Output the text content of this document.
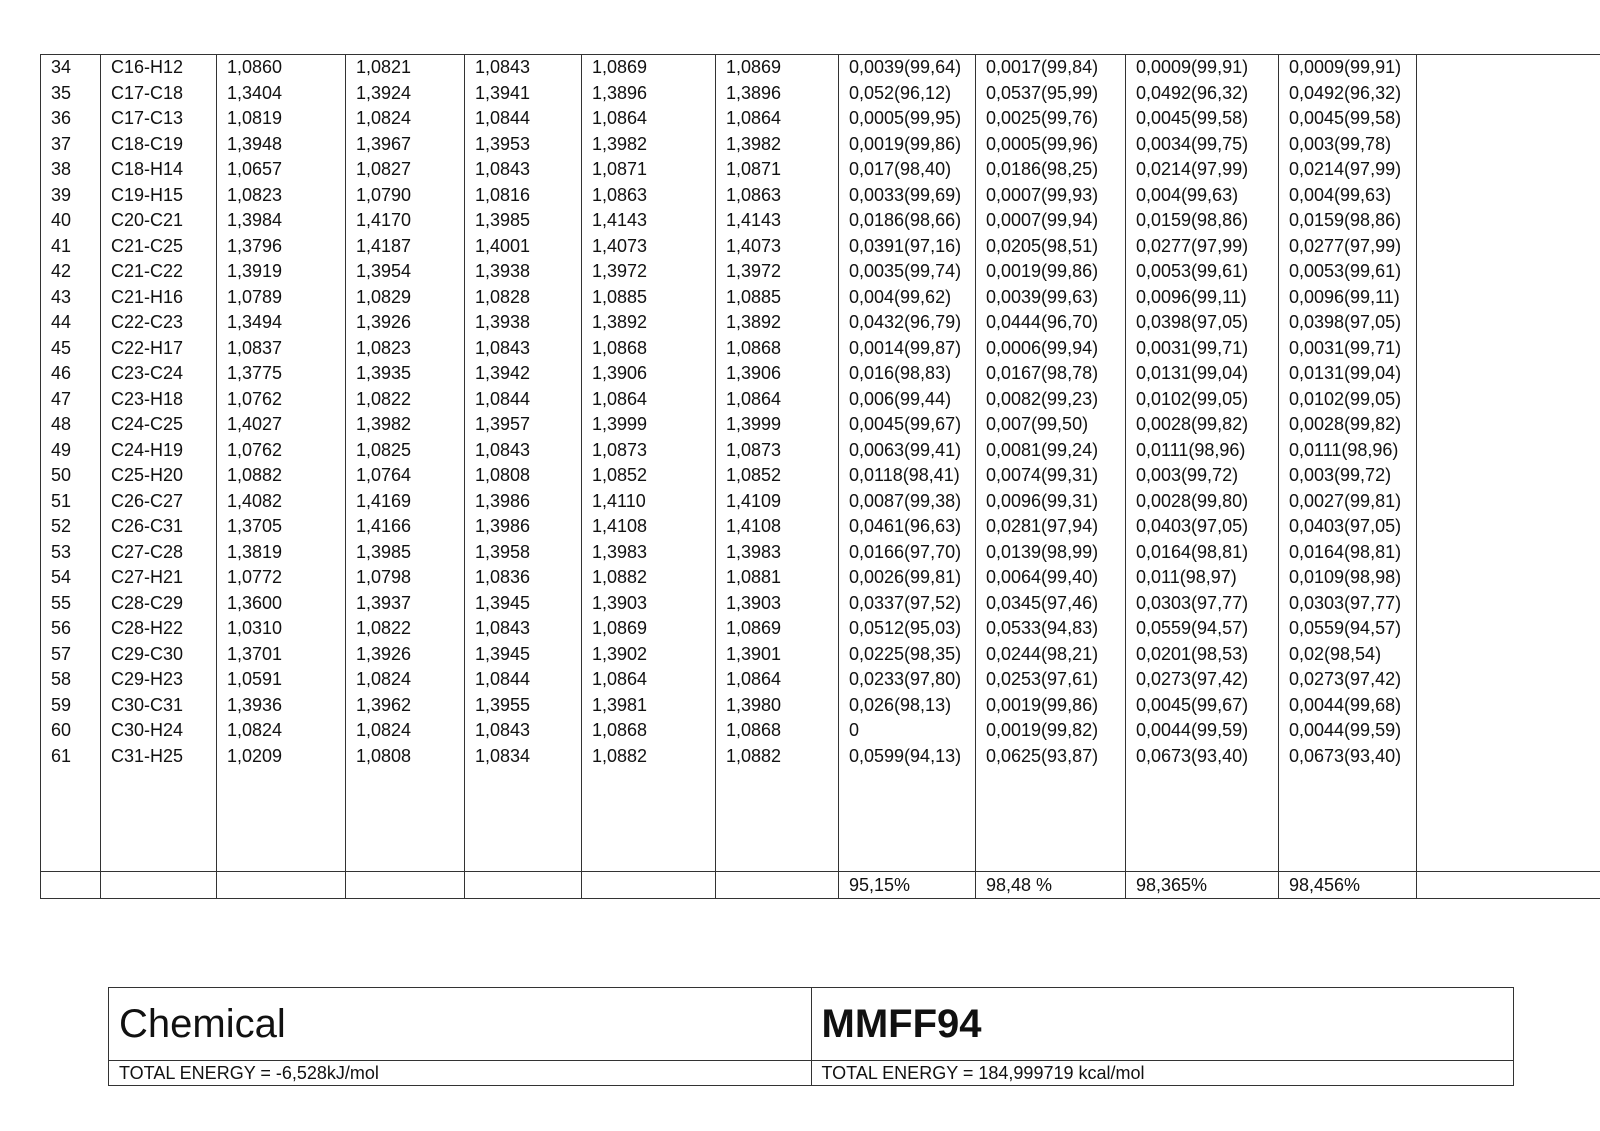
34	C16-H12	1,0860	1,0821	1,0843	1,0869	1,0869	0,0039(99,64)	0,0017(99,84)	0,0009(99,91)	0,0009(99,91)	
35	C17-C18	1,3404	1,3924	1,3941	1,3896	1,3896	0,052(96,12)	0,0537(95,99)	0,0492(96,32)	0,0492(96,32)	
36	C17-C13	1,0819	1,0824	1,0844	1,0864	1,0864	0,0005(99,95)	0,0025(99,76)	0,0045(99,58)	0,0045(99,58)	
37	C18-C19	1,3948	1,3967	1,3953	1,3982	1,3982	0,0019(99,86)	0,0005(99,96)	0,0034(99,75)	0,003(99,78)	
38	C18-H14	1,0657	1,0827	1,0843	1,0871	1,0871	0,017(98,40)	0,0186(98,25)	0,0214(97,99)	0,0214(97,99)	
39	C19-H15	1,0823	1,0790	1,0816	1,0863	1,0863	0,0033(99,69)	0,0007(99,93)	0,004(99,63)	0,004(99,63)	
40	C20-C21	1,3984	1,4170	1,3985	1,4143	1,4143	0,0186(98,66)	0,0007(99,94)	0,0159(98,86)	0,0159(98,86)	
41	C21-C25	1,3796	1,4187	1,4001	1,4073	1,4073	0,0391(97,16)	0,0205(98,51)	0,0277(97,99)	0,0277(97,99)	
42	C21-C22	1,3919	1,3954	1,3938	1,3972	1,3972	0,0035(99,74)	0,0019(99,86)	0,0053(99,61)	0,0053(99,61)	
43	C21-H16	1,0789	1,0829	1,0828	1,0885	1,0885	0,004(99,62)	0,0039(99,63)	0,0096(99,11)	0,0096(99,11)	
44	C22-C23	1,3494	1,3926	1,3938	1,3892	1,3892	0,0432(96,79)	0,0444(96,70)	0,0398(97,05)	0,0398(97,05)	
45	C22-H17	1,0837	1,0823	1,0843	1,0868	1,0868	0,0014(99,87)	0,0006(99,94)	0,0031(99,71)	0,0031(99,71)	
46	C23-C24	1,3775	1,3935	1,3942	1,3906	1,3906	0,016(98,83)	0,0167(98,78)	0,0131(99,04)	0,0131(99,04)	
47	C23-H18	1,0762	1,0822	1,0844	1,0864	1,0864	0,006(99,44)	0,0082(99,23)	0,0102(99,05)	0,0102(99,05)	
48	C24-C25	1,4027	1,3982	1,3957	1,3999	1,3999	0,0045(99,67)	0,007(99,50)	0,0028(99,82)	0,0028(99,82)	
49	C24-H19	1,0762	1,0825	1,0843	1,0873	1,0873	0,0063(99,41)	0,0081(99,24)	0,0111(98,96)	0,0111(98,96)	
50	C25-H20	1,0882	1,0764	1,0808	1,0852	1,0852	0,0118(98,41)	0,0074(99,31)	0,003(99,72)	0,003(99,72)	
51	C26-C27	1,4082	1,4169	1,3986	1,4110	1,4109	0,0087(99,38)	0,0096(99,31)	0,0028(99,80)	0,0027(99,81)	
52	C26-C31	1,3705	1,4166	1,3986	1,4108	1,4108	0,0461(96,63)	0,0281(97,94)	0,0403(97,05)	0,0403(97,05)	
53	C27-C28	1,3819	1,3985	1,3958	1,3983	1,3983	0,0166(97,70)	0,0139(98,99)	0,0164(98,81)	0,0164(98,81)	
54	C27-H21	1,0772	1,0798	1,0836	1,0882	1,0881	0,0026(99,81)	0,0064(99,40)	0,011(98,97)	0,0109(98,98)	
55	C28-C29	1,3600	1,3937	1,3945	1,3903	1,3903	0,0337(97,52)	0,0345(97,46)	0,0303(97,77)	0,0303(97,77)	
56	C28-H22	1,0310	1,0822	1,0843	1,0869	1,0869	0,0512(95,03)	0,0533(94,83)	0,0559(94,57)	0,0559(94,57)	
57	C29-C30	1,3701	1,3926	1,3945	1,3902	1,3901	0,0225(98,35)	0,0244(98,21)	0,0201(98,53)	0,02(98,54)	
58	C29-H23	1,0591	1,0824	1,0844	1,0864	1,0864	0,0233(97,80)	0,0253(97,61)	0,0273(97,42)	0,0273(97,42)	
59	C30-C31	1,3936	1,3962	1,3955	1,3981	1,3980	0,026(98,13)	0,0019(99,86)	0,0045(99,67)	0,0044(99,68)	
60	C30-H24	1,0824	1,0824	1,0843	1,0868	1,0868	0	0,0019(99,82)	0,0044(99,59)	0,0044(99,59)	
61	C31-H25	1,0209	1,0808	1,0834	1,0882	1,0882	0,0599(94,13)	0,0625(93,87)	0,0673(93,40)	0,0673(93,40)	

							95,15%	98,48 %	98,365%	98,456%	
Chemical	MMFF94
TOTAL ENERGY = -6,528kJ/mol	TOTAL ENERGY = 184,999719 kcal/mol
